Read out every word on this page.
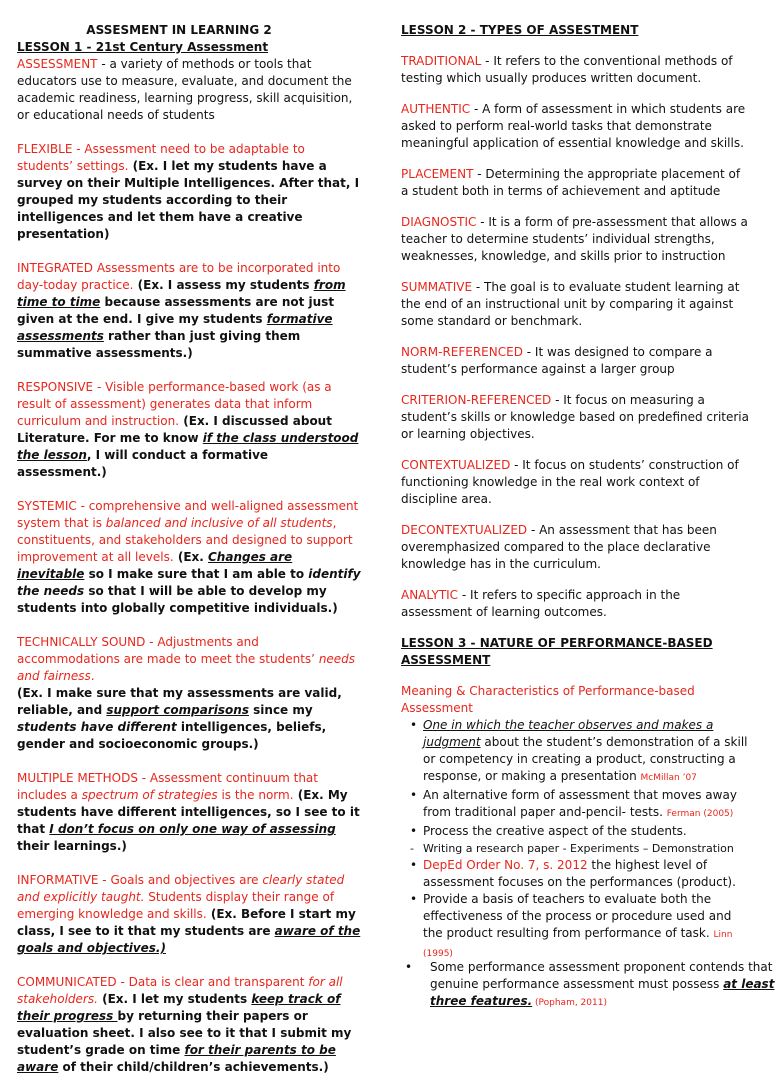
ASSESMENT IN LEARNING 2

LESSON 1 - 21st Century Assessment

ASSESSMENT - a variety of methods or tools that educators use to measure, evaluate, and document the academic readiness, learning progress, skill acquisition, or educational needs of students

FLEXIBLE - Assessment need to be adaptable to students’ settings. (Ex. I let my students have a survey on their Multiple Intelligences. After that, I grouped my students according to their intelligences and let them have a creative presentation)

INTEGRATED Assessments are to be incorporated into day-today practice. (Ex. I assess my students from time to time because assessments are not just given at the end. I give my students formative assessments rather than just giving them summative assessments.)

RESPONSIVE - Visible performance-based work (as a result of assessment) generates data that inform curriculum and instruction. (Ex. I discussed about Literature. For me to know if the class understood the lesson, I will conduct a formative assessment.)

SYSTEMIC - comprehensive and well-aligned assessment system that is balanced and inclusive of all students, constituents, and stakeholders and designed to support improvement at all levels. (Ex. Changes are inevitable so I make sure that I am able to identify the needs so that I will be able to develop my students into globally competitive individuals.)

TECHNICALLY SOUND - Adjustments and accommodations are made to meet the students’ needs and fairness.
(Ex. I make sure that my assessments are valid, reliable, and support comparisons since my students have different intelligences, beliefs, gender and socioeconomic groups.)

MULTIPLE METHODS - Assessment continuum that includes a spectrum of strategies is the norm. (Ex. My students have different intelligences, so I see to it that I don’t focus on only one way of assessing their learnings.)

INFORMATIVE - Goals and objectives are clearly stated and explicitly taught. Students display their range of emerging knowledge and skills. (Ex. Before I start my class, I see to it that my students are aware of the goals and objectives.)

COMMUNICATED - Data is clear and transparent for all stakeholders. (Ex. I let my students keep track of their progress by returning their papers or evaluation sheet. I also see to it that I submit my student’s grade on time for their parents to be aware of their child/children’s achievements.)

LESSON 2 - TYPES OF ASSESTMENT

TRADITIONAL - It refers to the conventional methods of testing which usually produces written document.

AUTHENTIC - A form of assessment in which students are asked to perform real-world tasks that demonstrate meaningful application of essential knowledge and skills.

PLACEMENT - Determining the appropriate placement of a student both in terms of achievement and aptitude

DIAGNOSTIC - It is a form of pre-assessment that allows a teacher to determine students’ individual strengths, weaknesses, knowledge, and skills prior to instruction

SUMMATIVE - The goal is to evaluate student learning at the end of an instructional unit by comparing it against some standard or benchmark.

NORM-REFERENCED - It was designed to compare a student’s performance against a larger group

CRITERION-REFERENCED - It focus on measuring a student’s skills or knowledge based on predefined criteria or learning objectives.

CONTEXTUALIZED - It focus on students’ construction of functioning knowledge in the real work context of discipline area.

DECONTEXTUALIZED - An assessment that has been overemphasized compared to the place declarative knowledge has in the curriculum.

ANALYTIC - It refers to specific approach in the assessment of learning outcomes.

LESSON 3 - NATURE OF PERFORMANCE-BASED ASSESSMENT

Meaning & Characteristics of Performance-based Assessment

• One in which the teacher observes and makes a judgment about the student’s demonstration of a skill or competency in creating a product, constructing a response, or making a presentation McMillan ’07
• An alternative form of assessment that moves away from traditional paper and-pencil- tests. Ferman (2005)
• Process the creative aspect of the students.
- Writing a research paper - Experiments – Demonstration
• DepEd Order No. 7, s. 2012 the highest level of assessment focuses on the performances (product).
• Provide a basis of teachers to evaluate both the effectiveness of the process or procedure used and the product resulting from performance of task. Linn (1995)
• Some performance assessment proponent contends that genuine performance assessment must possess at least three features. (Popham, 2011)
